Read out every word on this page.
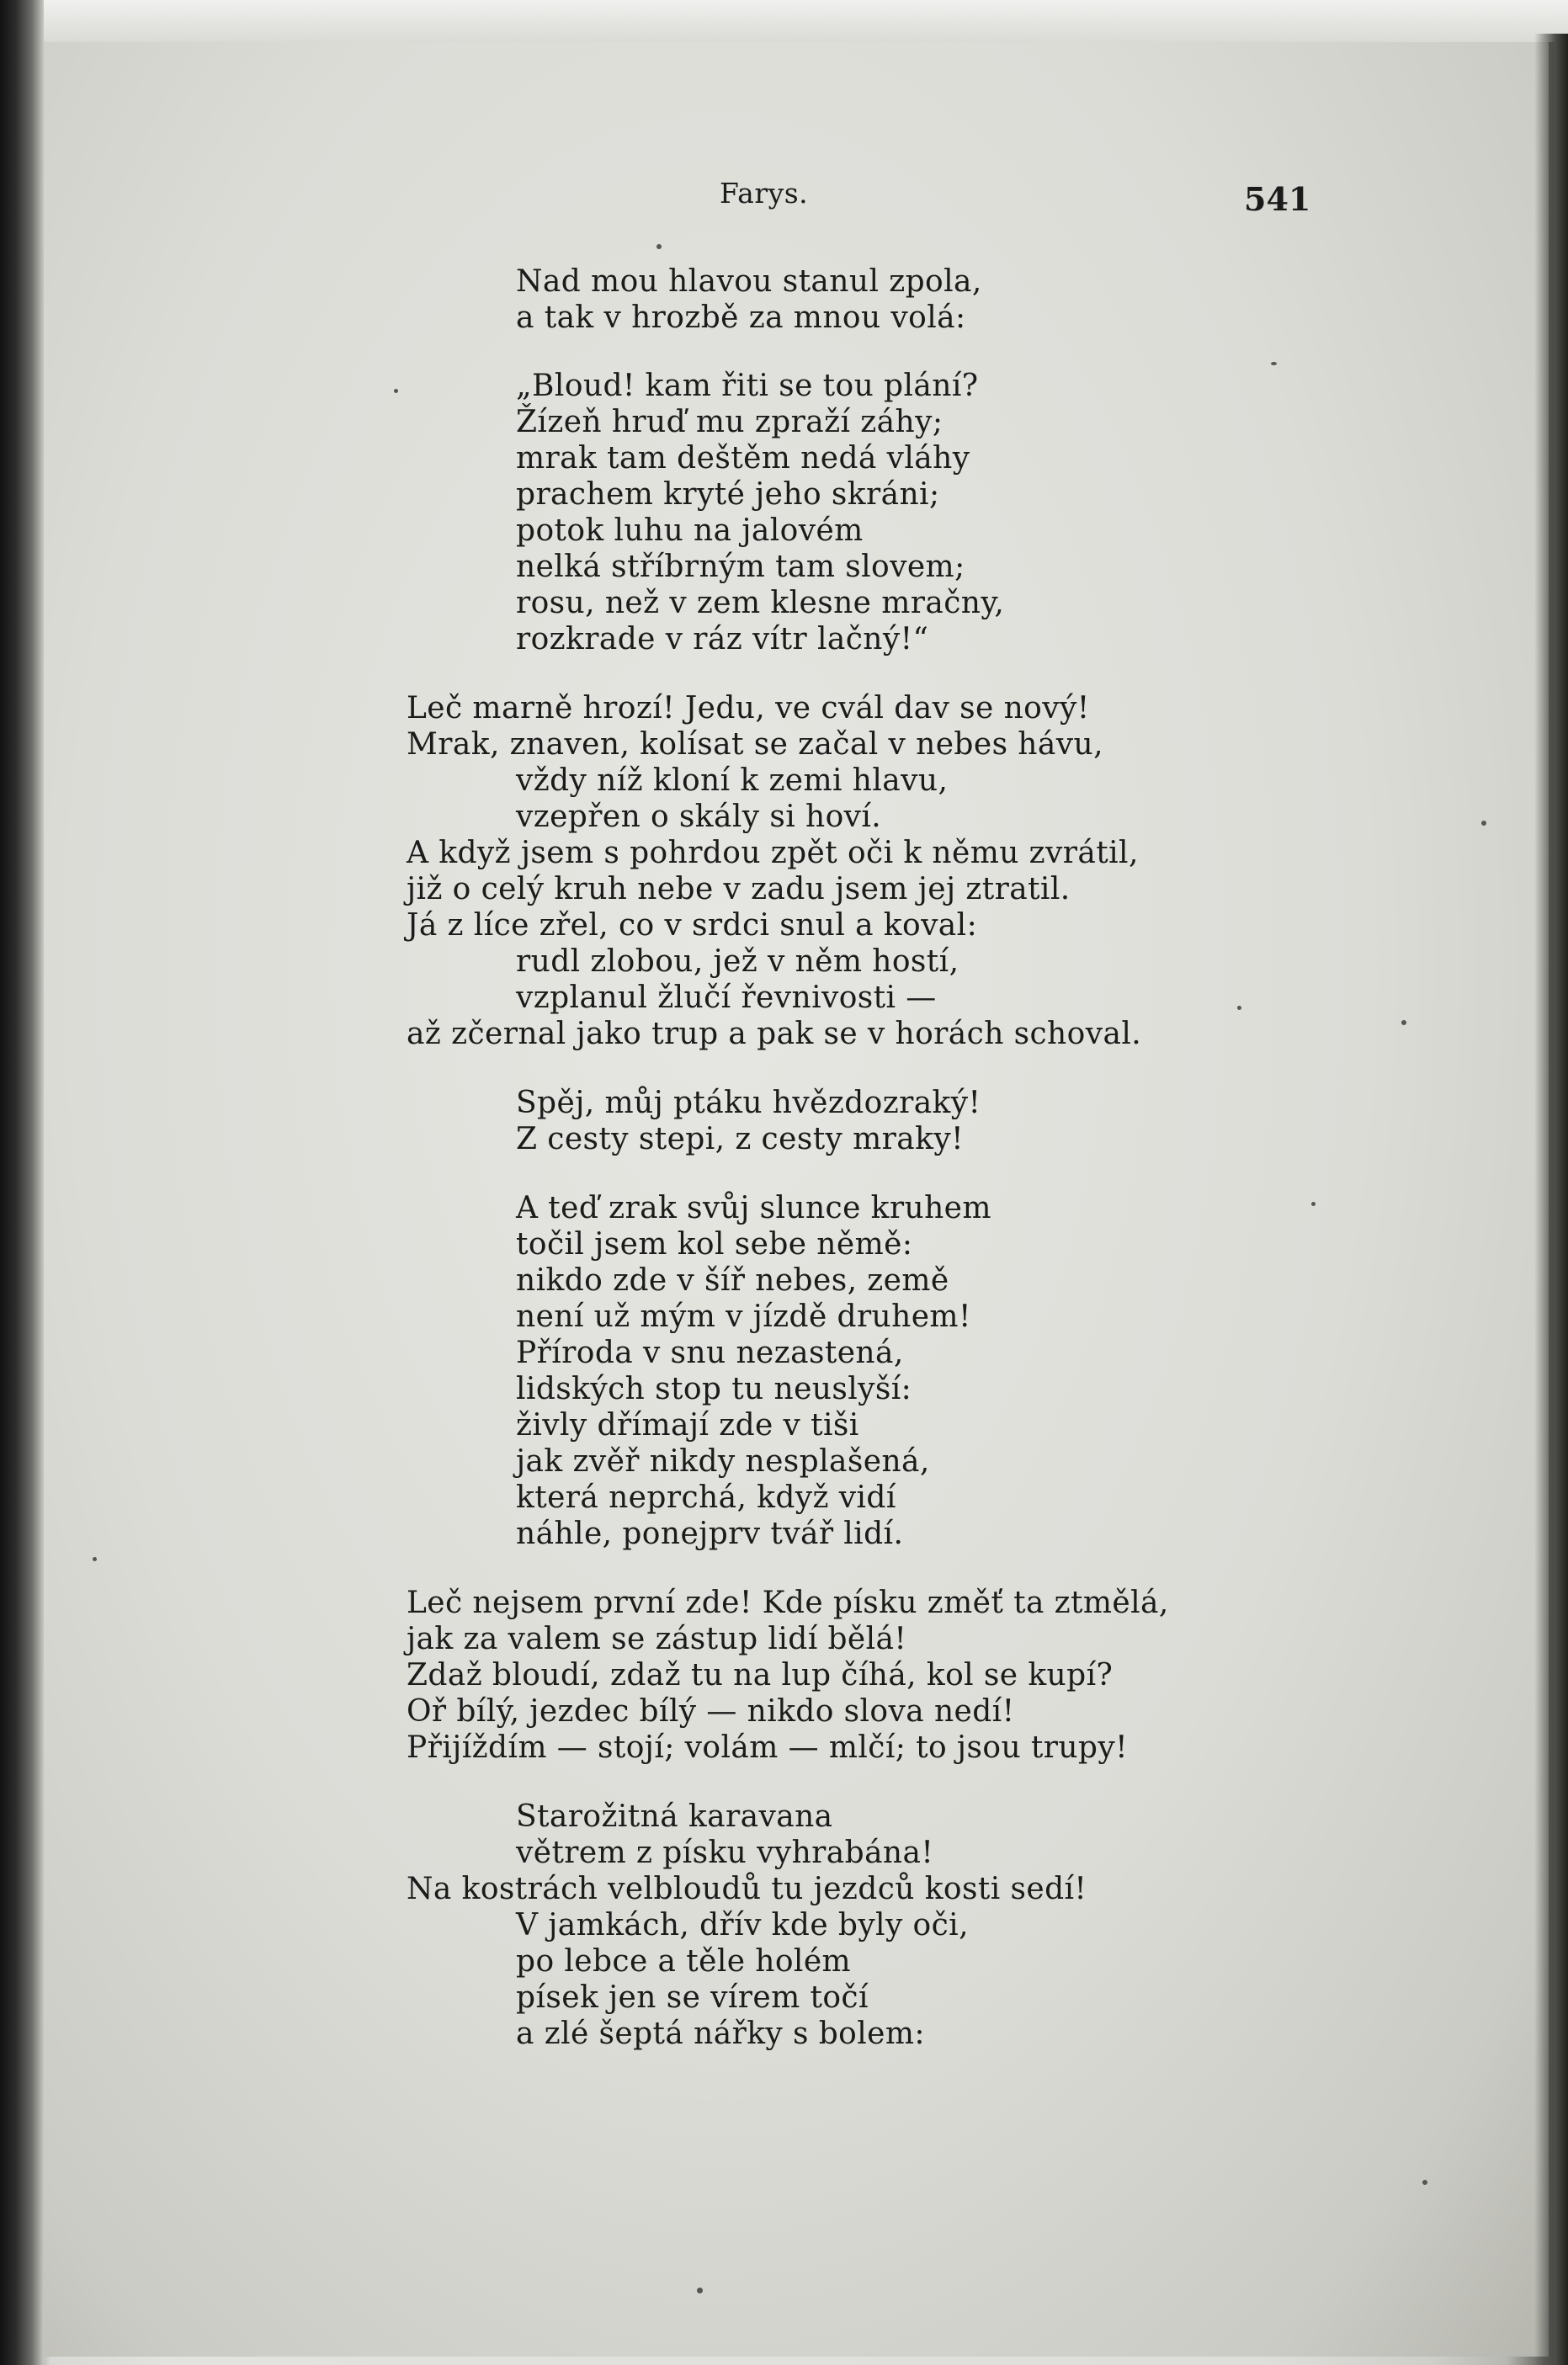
Farys.	541
Nad mou hlavou stanul zpola,
a tak v hrozbě za mnou volá:
„Bloud! kam řiti se tou plání?
Žízeň hruď mu zpraží záhy;
mrak tam deštěm nedá vláhy
prachem kryté jeho skráni;
potok luhu na jalovém
nelká stříbrným tam slovem;
rosu, než v zem klesne mračny,
rozkrade v ráz vítr lačný!“
Leč marně hrozí! Jedu, ve cvál dav se nový!
Mrak, znaven, kolísat se začal v nebes hávu,
vždy níž kloní k zemi hlavu,
vzepřen o skály si hoví.
A když jsem s pohrdou zpět oči k němu zvrátil,
již o celý kruh nebe v zadu jsem jej ztratil.
Já z líce zřel, co v srdci snul a koval:
rudl zlobou, jež v něm hostí,
vzplanul žlučí řevnivosti —
až zčernal jako trup a pak se v horách schoval.
Spěj, můj ptáku hvězdozraký!
Z cesty stepi, z cesty mraky!
A teď zrak svůj slunce kruhem
točil jsem kol sebe němě:
nikdo zde v šíř nebes, země
není už mým v jízdě druhem!
Příroda v snu nezastená,
lidských stop tu neuslyší:
živly dřímají zde v tiši
jak zvěř nikdy nesplašená,
která neprchá, když vidí
náhle, ponejprv tvář lidí.
Leč nejsem první zde! Kde písku změť ta ztmělá,
jak za valem se zástup lidí bělá!
Zdaž bloudí, zdaž tu na lup číhá, kol se kupí?
Oř bílý, jezdec bílý — nikdo slova nedí!
Přijíždím — stojí; volám — mlčí; to jsou trupy!
Starožitná karavana
větrem z písku vyhrabána!
Na kostrách velbloudů tu jezdců kosti sedí!
V jamkách, dřív kde byly oči,
po lebce a těle holém
písek jen se vírem točí
a zlé šeptá nářky s bolem:
